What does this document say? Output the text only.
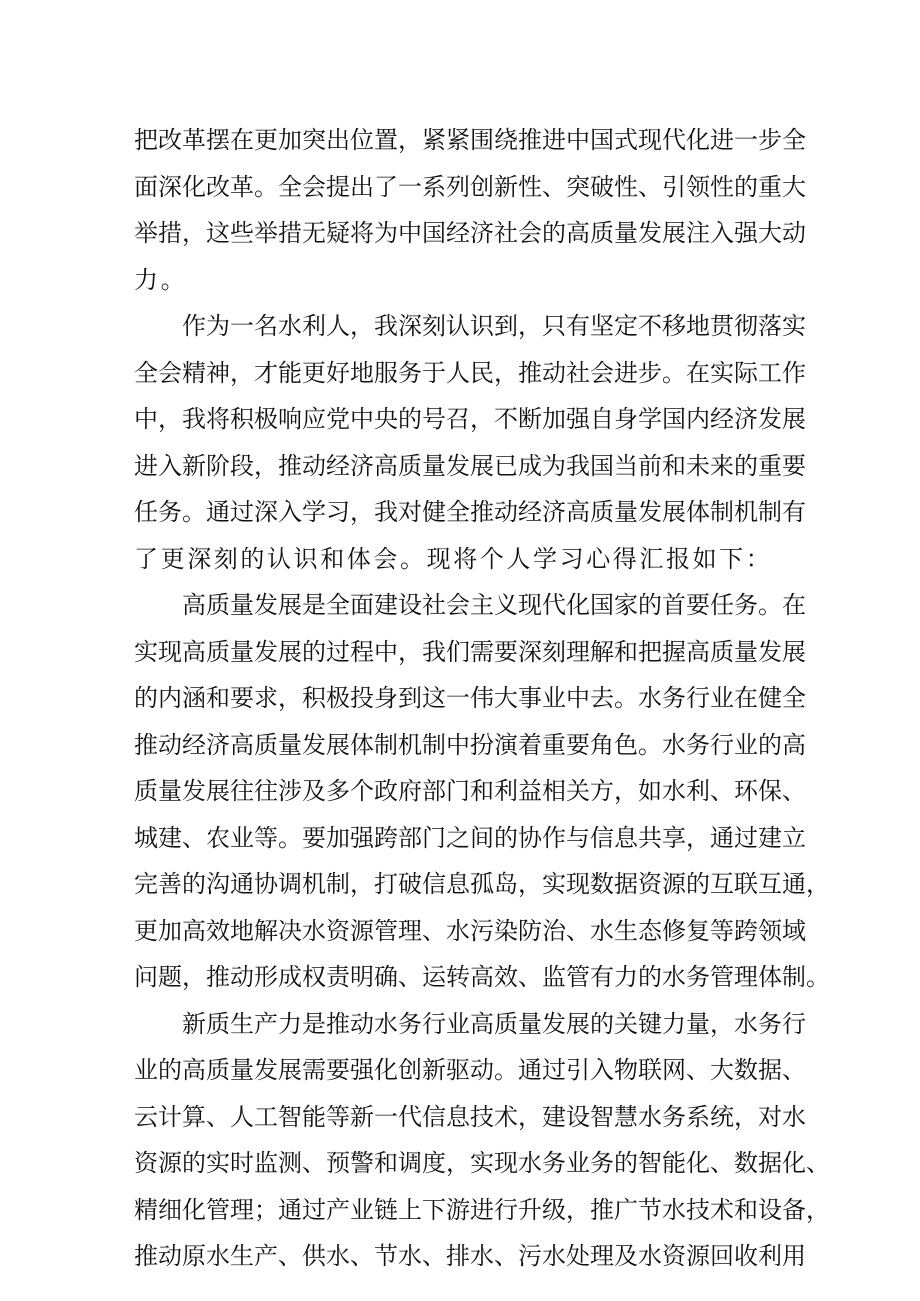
把改革摆在更加突出位置，紧紧围绕推进中国式现代化进一步全
面深化改革。全会提出了一系列创新性、突破性、引领性的重大
举措，这些举措无疑将为中国经济社会的高质量发展注入强大动
力。
作为一名水利人，我深刻认识到，只有坚定不移地贯彻落实
全会精神，才能更好地服务于人民，推动社会进步。在实际工作
中，我将积极响应党中央的号召，不断加强自身学国内经济发展
进入新阶段，推动经济高质量发展已成为我国当前和未来的重要
任务。通过深入学习，我对健全推动经济高质量发展体制机制有
了更深刻的认识和体会。现将个人学习心得汇报如下：
高质量发展是全面建设社会主义现代化国家的首要任务。在
实现高质量发展的过程中，我们需要深刻理解和把握高质量发展
的内涵和要求，积极投身到这一伟大事业中去。水务行业在健全
推动经济高质量发展体制机制中扮演着重要角色。水务行业的高
质量发展往往涉及多个政府部门和利益相关方，如水利、环保、
城建、农业等。要加强跨部门之间的协作与信息共享，通过建立
完善的沟通协调机制，打破信息孤岛，实现数据资源的互联互通，
更加高效地解决水资源管理、水污染防治、水生态修复等跨领域
问题，推动形成权责明确、运转高效、监管有力的水务管理体制。
新质生产力是推动水务行业高质量发展的关键力量，水务行
业的高质量发展需要强化创新驱动。通过引入物联网、大数据、
云计算、人工智能等新一代信息技术，建设智慧水务系统，对水
资源的实时监测、预警和调度，实现水务业务的智能化、数据化、
精细化管理；通过产业链上下游进行升级，推广节水技术和设备，
推动原水生产、供水、节水、排水、污水处理及水资源回收利用
